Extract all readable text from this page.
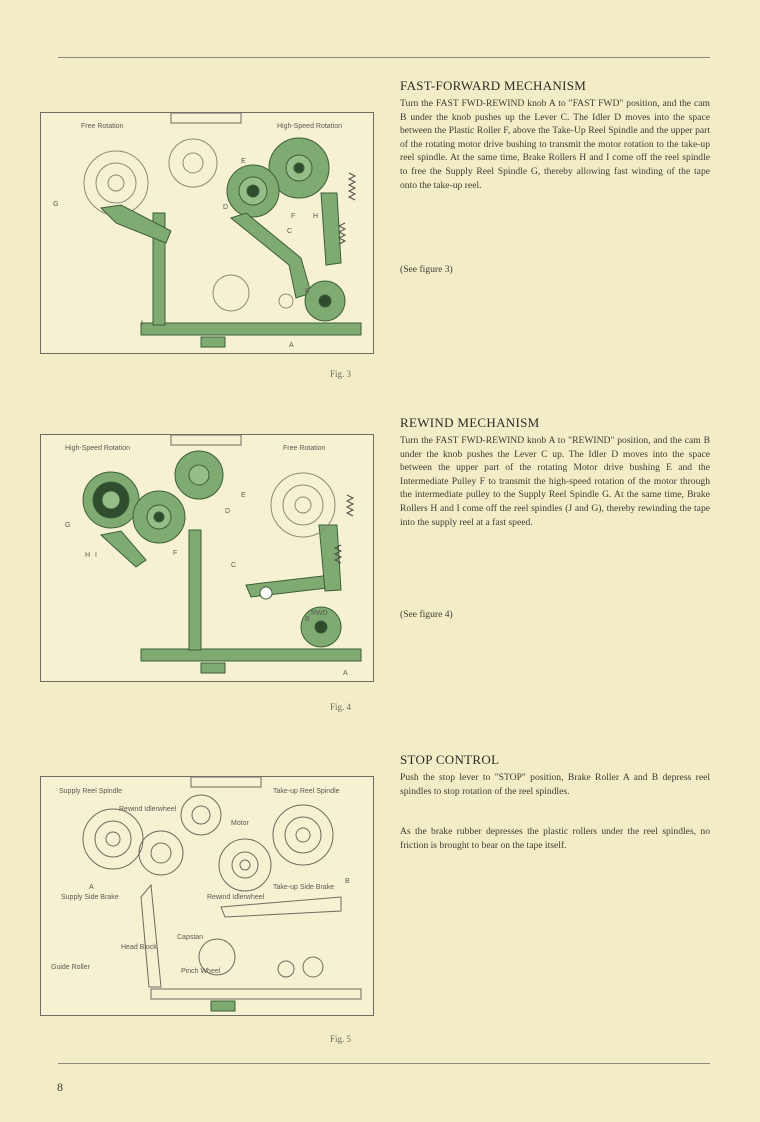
Free Rotation	High-Speed Rotation
E
G	D
F	H
C
B
I
A
Fig. 3
High-Speed Rotation	Free Rotation
E
G
F
H I
C
D
RWD
B
A
Fig. 4
Supply Reel Spindle	Take-up Reel Spindle
Rewind Idlerwheel
Motor
Supply Side Brake	Rewind Idlerwheel
Take-up Side Brake
Capstan
Head Block
Pinch Wheel
Guide Roller
A
B
Fig. 5
FAST-FORWARD MECHANISM

Turn the FAST FWD-REWIND knob A to "FAST FWD" position, and the cam B under the knob pushes up the Lever C. The Idler D moves into the space between the Plastic Roller F, above the Take-Up Reel Spindle and the upper part of the rotating motor drive bushing to transmit the motor rotation to the take-up reel spindle. At the same time, Brake Rollers H and I come off the reel spindle to free the Supply Reel Spindle G, thereby allowing fast winding of the tape onto the take-up reel.

(See figure 3)

REWIND MECHANISM

Turn the FAST FWD-REWIND knob A to "REWIND" position, and the cam B under the knob pushes the Lever C up. The Idler D moves into the space between the upper part of the rotating Motor drive bushing E and the Intermediate Pulley F to transmit the high-speed rotation of the motor through the intermediate pulley to the Supply Reel Spindle G. At the same time, Brake Rollers H and I come off the reel spindles (J and G), thereby rewinding the tape into the supply reel at a fast speed.

(See figure 4)

STOP CONTROL

Push the stop lever to "STOP" position, Brake Roller A and B depress reel spindles to stop rotation of the reel spindles.

As the brake rubber depresses the plastic rollers under the reel spindles, no friction is brought to bear on the tape itself.

8
